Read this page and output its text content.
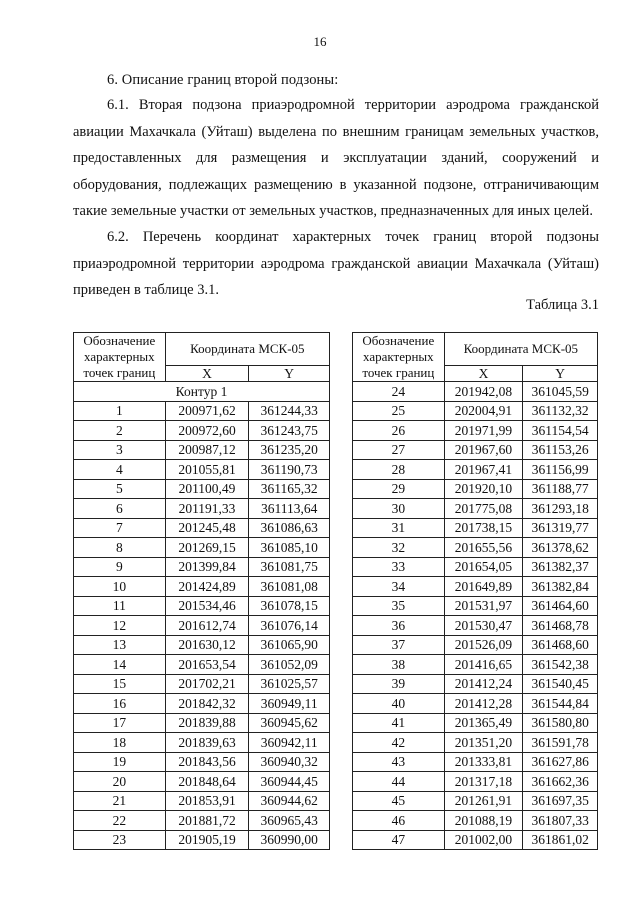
16
6. Описание границ второй подзоны:

6.1. Вторая подзона приаэродромной территории аэродрома гражданской авиации Махачкала (Уйташ) выделена по внешним границам земельных участков, предоставленных для размещения и эксплуатации зданий, сооружений и оборудования, подлежащих размещению в указанной подзоне, отграничивающим такие земельные участки от земельных участков, предназначенных для иных целей.

6.2. Перечень координат характерных точек границ второй подзоны приаэродромной территории аэродрома гражданской авиации Махачкала (Уйташ) приведен в таблице 3.1.

Таблица 3.1
Обозначение характерных точек границ	Координата МСК-05	
	X	Y
Контур 1		
1	200971,62	361244,33
2	200972,60	361243,75
3	200987,12	361235,20
4	201055,81	361190,73
5	201100,49	361165,32
6	201191,33	361113,64
7	201245,48	361086,63
8	201269,15	361085,10
9	201399,84	361081,75
10	201424,89	361081,08
11	201534,46	361078,15
12	201612,74	361076,14
13	201630,12	361065,90
14	201653,54	361052,09
15	201702,21	361025,57
16	201842,32	360949,11
17	201839,88	360945,62
18	201839,63	360942,11
19	201843,56	360940,32
20	201848,64	360944,45
21	201853,91	360944,62
22	201881,72	360965,43
23	201905,19	360990,00
Обозначение характерных точек границ	Координата МСК-05	
	X	Y
24	201942,08	361045,59
25	202004,91	361132,32
26	201971,99	361154,54
27	201967,60	361153,26
28	201967,41	361156,99
29	201920,10	361188,77
30	201775,08	361293,18
31	201738,15	361319,77
32	201655,56	361378,62
33	201654,05	361382,37
34	201649,89	361382,84
35	201531,97	361464,60
36	201530,47	361468,78
37	201526,09	361468,60
38	201416,65	361542,38
39	201412,24	361540,45
40	201412,28	361544,84
41	201365,49	361580,80
42	201351,20	361591,78
43	201333,81	361627,86
44	201317,18	361662,36
45	201261,91	361697,35
46	201088,19	361807,33
47	201002,00	361861,02
